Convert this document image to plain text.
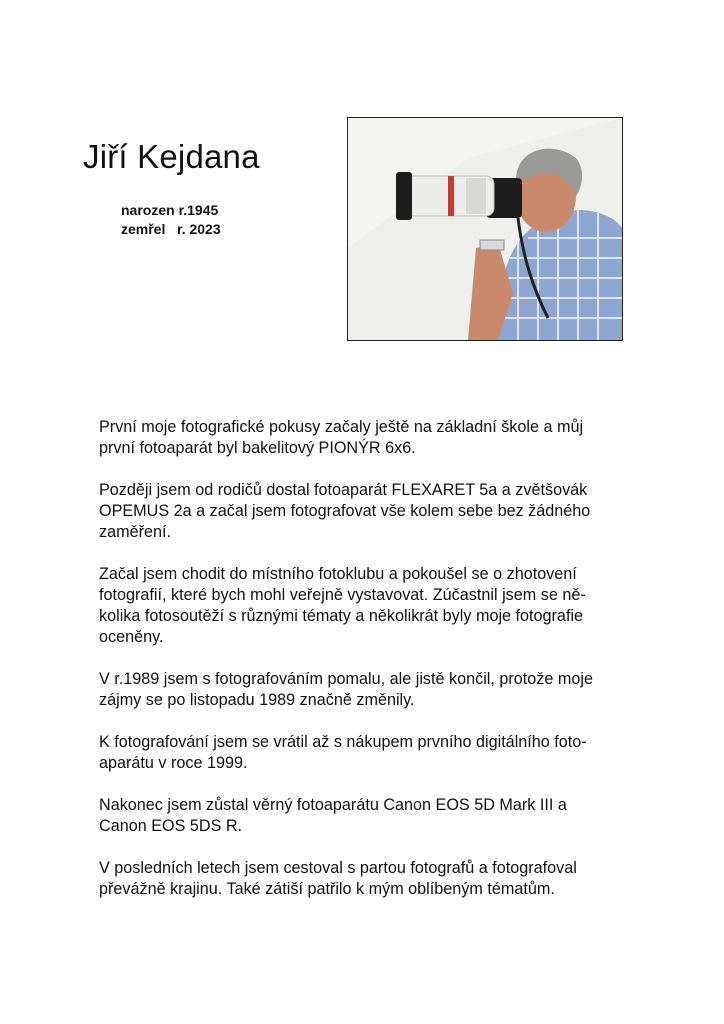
Jiří Kejdana
narozen r.1945
zemřel   r. 2023

První moje fotografické pokusy začaly ještě na základní škole a můj
první fotoaparát byl bakelitový PIONÝR 6x6.

Později jsem od rodičů dostal fotoaparát FLEXARET 5a a zvětšovák
OPEMUS 2a a začal jsem fotografovat vše kolem sebe bez žádného
zaměření.

Začal jsem chodit do místního fotoklubu a pokoušel se o zhotovení
fotografií, které bych mohl veřejně vystavovat. Zúčastnil jsem se ně-
kolika fotosoutěží s různými tématy a několikrát byly moje fotografie
oceněny.

V r.1989 jsem s fotografováním pomalu, ale jistě končil, protože moje
zájmy se po listopadu 1989 značně změnily.

K fotografování jsem se vrátil až s nákupem prvního digitálního foto-
aparátu v roce 1999.

Nakonec jsem zůstal věrný fotoaparátu Canon EOS 5D Mark III a
Canon EOS 5DS R.

V posledních letech jsem cestoval s partou fotografů a fotografoval
převážně krajinu. Také zátiší patřilo k mým oblíbeným tématům.
